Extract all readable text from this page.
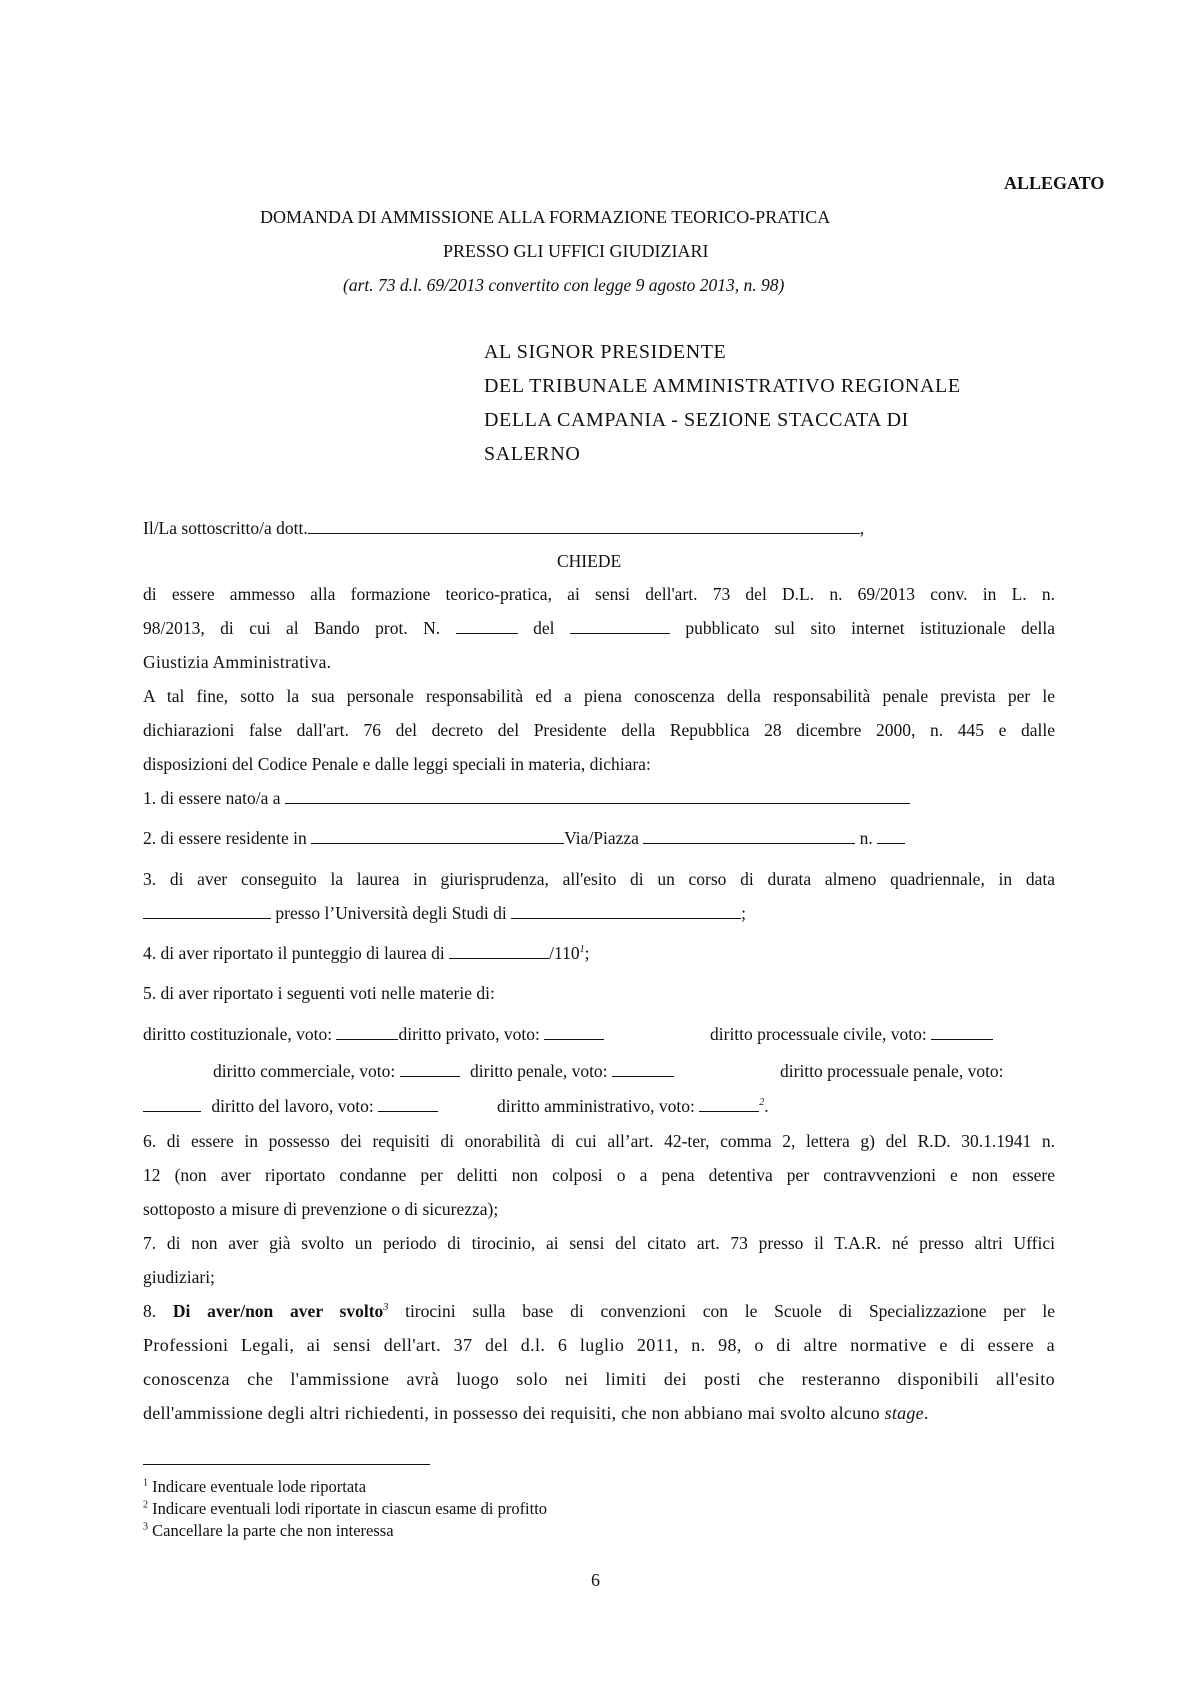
ALLEGATO
DOMANDA DI AMMISSIONE ALLA FORMAZIONE TEORICO-PRATICA
PRESSO GLI UFFICI GIUDIZIARI
(art. 73 d.l. 69/2013 convertito con legge 9 agosto 2013, n. 98)
AL SIGNOR PRESIDENTE
DEL TRIBUNALE AMMINISTRATIVO REGIONALE
DELLA CAMPANIA - SEZIONE STACCATA DI
SALERNO
Il/La sottoscritto/a dott.	,
CHIEDE
di essere ammesso alla formazione teorico-pratica, ai sensi dell'art. 73 del D.L. n. 69/2013 conv. in L. n.
98/2013, di cui al Bando prot. N.	del	pubblicato sul sito internet istituzionale della
Giustizia Amministrativa.
A tal fine, sotto la sua personale responsabilità ed a piena conoscenza della responsabilità penale prevista per le
dichiarazioni false dall'art. 76 del decreto del Presidente della Repubblica 28 dicembre 2000, n. 445 e dalle
disposizioni del Codice Penale e dalle leggi speciali in materia, dichiara:
1. di essere nato/a a
2. di essere residente in	Via/Piazza	n.
3. di aver conseguito la laurea in giurisprudenza, all'esito di un corso di durata almeno quadriennale, in data
presso l’Università degli Studi di	;
4. di aver riportato il punteggio di laurea di	$/110^1$;
5. di aver riportato i seguenti voti nelle materie di:
diritto costituzionale, voto:	diritto privato, voto:	diritto processuale civile, voto:
diritto commerciale, voto:	diritto penale, voto:	diritto processuale penale, voto:
diritto del lavoro, voto:	diritto amministrativo, voto:	$^2$.
6. di essere in possesso dei requisiti di onorabilità di cui all’art. 42-ter, comma 2, lettera g) del R.D. 30.1.1941 n.
12 (non aver riportato condanne per delitti non colposi o a pena detentiva per contravvenzioni e non essere
sottoposto a misure di prevenzione o di sicurezza);
7. di non aver già svolto un periodo di tirocinio, ai sensi del citato art. 73 presso il T.A.R. né presso altri Uffici
giudiziari;
8. Di aver/non aver svolto$^3$ tirocini sulla base di convenzioni con le Scuole di Specializzazione per le
Professioni Legali, ai sensi dell'art. 37 del d.l. 6 luglio 2011, n. 98, o di altre normative e di essere a
conoscenza che l'ammissione avrà luogo solo nei limiti dei posti che resteranno disponibili all'esito
dell'ammissione degli altri richiedenti, in possesso dei requisiti, che non abbiano mai svolto alcuno stage.
$^1$ Indicare eventuale lode riportata
$^2$ Indicare eventuali lodi riportate in ciascun esame di profitto
$^3$ Cancellare la parte che non interessa
6
